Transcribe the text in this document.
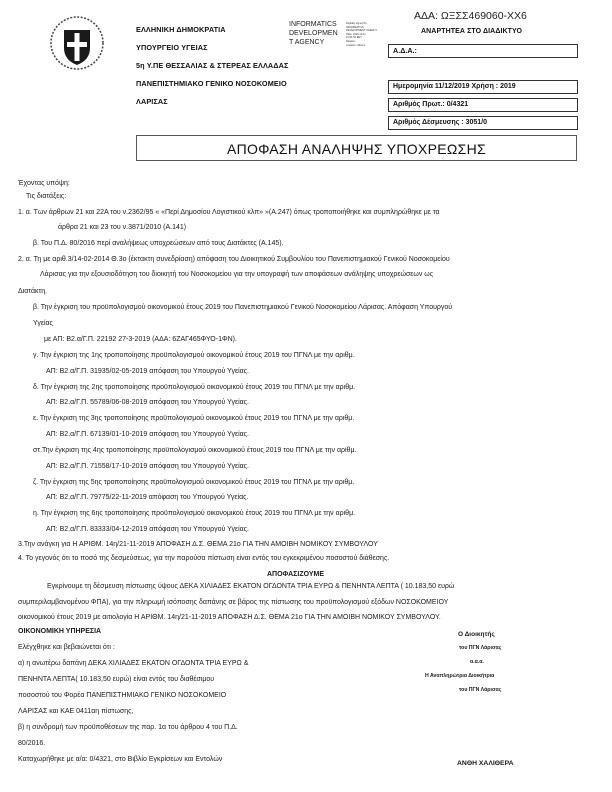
ΕΛΛΗΝΙΚΗ ΔΗΜΟΚΡΑΤΙΑ
ΥΠΟΥΡΓΕΙΟ ΥΓΕΙΑΣ
5η Υ.ΠΕ ΘΕΣΣΑΛΙΑΣ & ΣΤΕΡΕΑΣ ΕΛΛΑΔΑΣ
ΠΑΝΕΠΙΣΤΗΜΙΑΚΟ ΓΕΝΙΚΟ ΝΟΣΟΚΟΜΕΙΟ
ΛΑΡΙΣΑΣ
INFORMATICS
DEVELOPMEN
T AGENCY
Digitally signed by
INFORMATICS
DEVELOPMENT AGENCY
Date: 2019.12.11
15:01:52 EET
Reason:
Location: Athens
ΑΔΑ: ΩΞΣΣ469060-ΧΧ6
ΑΝΑΡΤΗΤΕΑ ΣΤΟ ΔΙΑΔΙΚΤΥΟ
Α.Δ.Α.:
Ημερομηνία 11/12/2019 Χρήση : 2019
Αριθμός Πρωτ.: 0/4321
Αριθμός Δέσμευσης : 3051/0
ΑΠΟΦΑΣΗ ΑΝΑΛΗΨΗΣ ΥΠΟΧΡΕΩΣΗΣ
Έχοντας υπόψη:
Τις διατάξεις:
1. α. Των άρθρων 21 και 22Α του ν.2362/95 « «Περί Δημοσίου Λογιστικού κλπ» »(Α.247) όπως τροποποιήθηκε και συμπληρώθηκε με τα
άρθρα 21 και 23 του ν.3871/2010 (Α.141)
β. Του Π.Δ. 80/2016 περί αναλήψεως υποχρεώσεων από τους Διατάκτες (Α.145).
2. α. Τη με αριθ.3/14-02-2014 Θ.3ο (έκτακτη συνεδρίαση) απόφαση του Διοικητικού Συμβουλίου του Πανεπιστημιακού Γενικού Νοσοκομείου
Λάρισας για την εξουσιοδότηση του διοικητή του Νοσοκομείου για την υπογραφή των αποφάσεων ανάληψης υποχρεώσεων ως
Διατάκτη.
β. Την έγκριση του προϋπολογισμού οικονομικού έτους 2019 του Πανεπιστημιακού Γενικού Νοσοκομείου Λάρισας. Απόφαση Υπουργού
Υγείας
με ΑΠ: Β2.α/Γ.Π. 22192 27-3-2019 (ΑΔΑ: 6ΖΑΓ465ΦΥΟ-1ΦΝ).
γ. Την έγκριση της 1ης τροποποίησης προϋπολογισμού οικονομικού έτους 2019 του ΠΓΝΛ με την αριθμ.
ΑΠ: Β2.α/Γ.Π. 31935/02-05-2019 απόφαση του Υπουργού Υγείας.
δ. Την έγκριση της 2ης τροποποίησης προϋπολογισμού οικονομικού έτους 2019 του ΠΓΝΛ με την αριθμ.
ΑΠ: Β2.α/Γ.Π. 55789/06-08-2019 απόφαση του Υπουργού Υγείας.
ε. Την έγκριση της 3ης τροποποίησης προϋπολογισμού οικονομικού έτους 2019 του ΠΓΝΛ με την αριθμ.
ΑΠ: Β2.α/Γ.Π. 67139/01-10-2019 απόφαση του Υπουργού Υγείας.
στ.Την έγκριση της 4ης τροποποίησης προϋπολογισμού οικονομικού έτους 2019 του ΠΓΝΛ με την αριθμ.
ΑΠ: Β2.α/Γ.Π. 71558/17-10-2019 απόφαση του Υπουργού Υγείας.
ζ. Την έγκριση της 5ης τροποποίησης προϋπολογισμού οικονομικού έτους 2019 του ΠΓΝΛ με την αριθμ.
ΑΠ: Β2.α/Γ.Π. 79775/22-11-2019 απόφαση του Υπουργού Υγείας.
η. Την έγκριση της 6ης τροποποίησης προϋπολογισμού οικονομικού έτους 2019 του ΠΓΝΛ με την αριθμ.
ΑΠ: Β2.α/Γ.Π. 83333/04-12-2019 απόφαση του Υπουργού Υγείας.
3.Την ανάγκη για Η ΑΡΙΘΜ. 14η/21-11-2019 ΑΠΟΦΑΣΗ Δ.Σ. ΘΕΜΑ 21ο ΓΙΑ ΤΗΝ ΑΜΟΙΒΗ ΝΟΜΙΚΟΥ ΣΥΜΒΟΥΛΟΥ
4. Το γεγονός ότι το ποσό της δεσμεύσεως, για την παρούσα πίστωση είναι εντός του εγκεκριμένου ποσοστού διάθεσης.
ΑΠΟΦΑΣΙΖΟΥΜΕ
Εγκρίνουμε τη δέσμευση πίστωσης ύψους ΔΕΚΑ ΧΙΛΙΑΔΕΣ ΕΚΑΤΟΝ ΟΓΔΟΝΤΑ ΤΡΙΑ ΕΥΡΩ & ΠΕΝΗΝΤΑ ΛΕΠΤΑ ( 10.183,50 ευρώ
συμπεριλαμβανομένου ΦΠΑ), για την πληρωμή ισόποσης δαπάνης σε βάρος της πίστωσης του προϋπολογισμού εξόδων ΝΟΣΟΚΟΜΕΙΟΥ
οικονομικού έτους 2019 με αιτιολογία Η ΑΡΙΘΜ. 14η/21-11-2019 ΑΠΟΦΑΣΗ Δ.Σ. ΘΕΜΑ 21ο ΓΙΑ ΤΗΝ ΑΜΟΙΒΗ ΝΟΜΙΚΟΥ ΣΥΜΒΟΥΛΟΥ.
ΟΙΚΟΝΟΜΙΚΗ ΥΠΗΡΕΣΙΑ
Ελέγχθηκε και βεβαιώνεται ότι :
α) η ανωτέρω δαπάνη ΔΕΚΑ ΧΙΛΙΑΔΕΣ ΕΚΑΤΟΝ ΟΓΔΟΝΤΑ ΤΡΙΑ ΕΥΡΩ &
ΠΕΝΗΝΤΑ ΛΕΠΤΑ( 10.183,50 ευρώ) είναι εντός του διαθέσιμου
ποσοστού του Φορέα ΠΑΝΕΠΙΣΤΗΜΙΑΚΟ ΓΕΝΙΚΟ ΝΟΣΟΚΟΜΕΙΟ
ΛΑΡΙΣΑΣ και ΚΑΕ 0411αη πίστωσης,
β) η συνδρομή των προϋποθέσεων της παρ. 1α του άρθρου 4 του Π.Δ.
80/2016.
Καταχωρήθηκε με α/α: 0/4321, στο Βιβλίο Εγκρίσεων και Εντολών
Ο Διοικητής
του ΠΓΝ Λάρισας
α.α.α.
Η Αναπληρώτρια Διοικήτρια
του ΠΓΝ Λάρισας
ΑΝΘΗ ΧΑΛΙΘΕΡΑ
